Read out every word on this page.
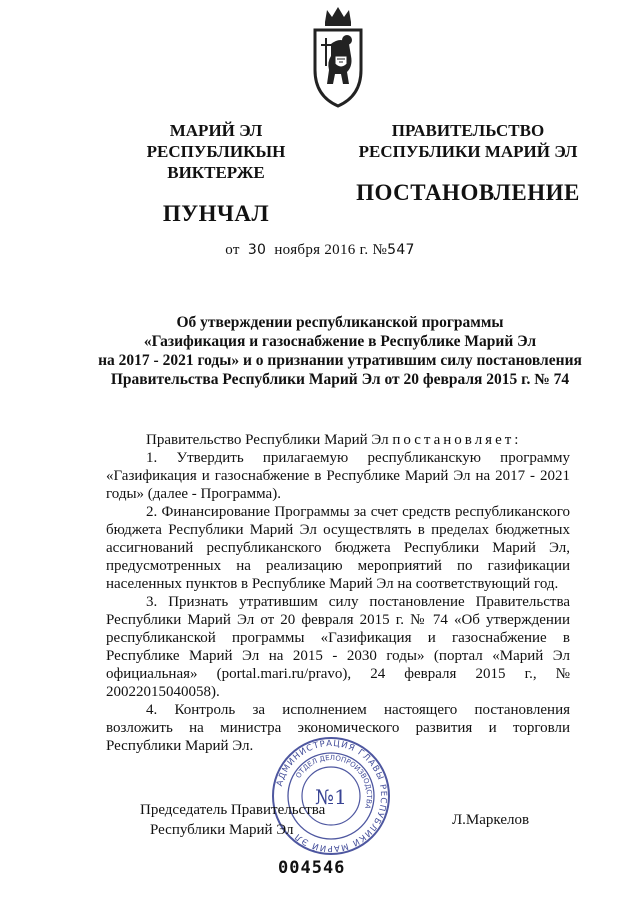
МАРИЙ ЭЛ РЕСПУБЛИКЫН
ВИКТЕРЖЕ
ПУНЧАЛ
ПРАВИТЕЛЬСТВО
РЕСПУБЛИКИ МАРИЙ ЭЛ
ПОСТАНОВЛЕНИЕ
от 30 ноября 2016 г. №547
Об утверждении республиканской программы
«Газификация и газоснабжение в Республике Марий Эл
на 2017 - 2021 годы» и о признании утратившим силу постановления
Правительства Республики Марий Эл от 20 февраля 2015 г. № 74

Правительство Республики Марий Эл постановляет:

1. Утвердить прилагаемую республиканскую программу «Газификация и газоснабжение в Республике Марий Эл на 2017 - 2021 годы» (далее - Программа).

2. Финансирование Программы за счет средств республиканского бюджета Республики Марий Эл осуществлять в пределах бюджетных ассигнований республиканского бюджета Республики Марий Эл, предусмотренных на реализацию мероприятий по газификации населенных пунктов в Республике Марий Эл на соответствующий год.

3. Признать утратившим силу постановление Правительства Республики Марий Эл от 20 февраля 2015 г. № 74 «Об утверждении республиканской программы «Газификация и газоснабжение в Республике Марий Эл на 2015 - 2030 годы» (портал «Марий Эл официальная» (portal.mari.ru/pravo), 24 февраля 2015 г., № 20022015040058).

4. Контроль за исполнением настоящего постановления возложить на министра экономического развития и торговли Республики Марий Эл.

АДМИНИСТРАЦИЯ ГЛАВЫ РЕСПУБЛИКИ МАРИЙ ЭЛ
ОТДЕЛ ДЕЛОПРОИЗВОДСТВА
№1
Председатель Правительства
Республики Марий Эл
Л.Маркелов
004546
